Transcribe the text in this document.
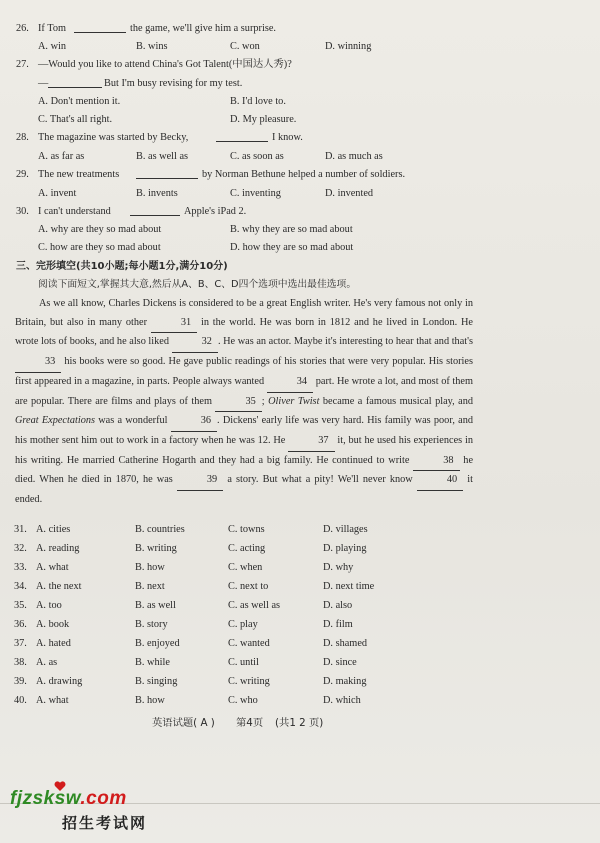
26. If Tom	the game, we'll give him a surprise.
A. win	B. wins	C. won	D. winning
27. —Would you like to attend China's Got Talent(中国达人秀)?
—	But I'm busy revising for my test.
A. Don't mention it.	B. I'd love to.
C. That's all right.	D. My pleasure.
28. The magazine was started by Becky,	I know.
A. as far as	B. as well as	C. as soon as	D. as much as
29. The new treatments	by Norman Bethune helped a number of soldiers.
A. invent	B. invents	C. inventing	D. invented
30. I can't understand	Apple's iPad 2.
A. why are they so mad about	B. why they are so mad about
C. how are they so mad about	D. how they are so mad about
三、完形填空(共10小题;每小题1分,满分10分)
阅读下面短文,掌握其大意,然后从A、B、C、D四个选项中选出最佳选项。
As we all know, Charles Dickens is considered to be a great English writer. He's very famous not only in Britain, but also in many other	31 in the world. He was born in 1812 and he lived in London. He wrote lots of books, and he also liked	32 . He was an actor. Maybe it's interesting to hear that and that's 33 his books were so good. He gave public readings of his stories that were very popular. His stories first appeared in a magazine, in parts. People always wanted	34 part. He wrote a lot, and most of them are popular. There are films and plays of them	35 ; Oliver Twist became a famous musical play, and Great Expectations was a wonderful	36 . Dickens' early life was very hard. His family was poor, and his mother sent him out to work in a factory when he was 12. He	37 it, but he used his experiences in his writing. He married Catherine Hogarth and they had a big family. He continued to write	38 he died. When he died in 1870, he was	39 a story. But what a pity! We'll never know	40 it ended.
31. A. cities	B. countries	C. towns	D. villages
32. A. reading	B. writing	C. acting	D. playing
33. A. what	B. how	C. when	D. why
34. A. the next	B. next	C. next to	D. next time
35. A. too	B. as well	C. as well as	D. also
36. A. book	B. story	C. play	D. film
37. A. hated	B. enjoyed	C. wanted	D. shamed
38. A. as	B. while	C. until	D. since
39. A. drawing	B. singing	C. writing	D. making
40. A. what	B. how	C. who	D. which
英语试题( A ) 第4页 (共1 2 页)
fjzsksw.com
招生考试网
